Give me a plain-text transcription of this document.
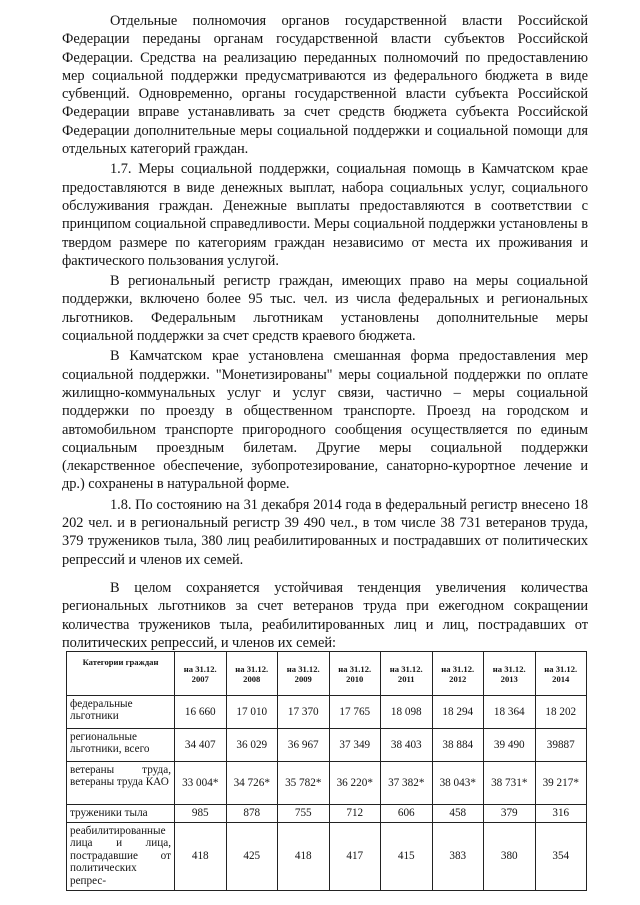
Отдельные полномочия органов государственной власти Российской Федерации переданы органам государственной власти субъектов Российской Федерации. Средства на реализацию переданных полномочий по предоставлению мер социальной поддержки предусматриваются из федерального бюджета в виде субвенций. Одновременно, органы государственной власти субъекта Российской Федерации вправе устанавливать за счет средств бюджета субъекта Российской Федерации дополнительные меры социальной поддержки и социальной помощи для отдельных категорий граждан.

1.7. Меры социальной поддержки, социальная помощь в Камчатском крае предоставляются в виде денежных выплат, набора социальных услуг, социального обслуживания граждан. Денежные выплаты предоставляются в соответствии с принципом социальной справедливости. Меры социальной поддержки установлены в твердом размере по категориям граждан независимо от места их проживания и фактического пользования услугой.

В региональный регистр граждан, имеющих право на меры социальной поддержки, включено более 95 тыс. чел. из числа федеральных и региональных льготников. Федеральным льготникам установлены дополнительные меры социальной поддержки за счет средств краевого бюджета.

В Камчатском крае установлена смешанная форма предоставления мер социальной поддержки. "Монетизированы" меры социальной поддержки по оплате жилищно-коммунальных услуг и услуг связи, частично – меры социальной поддержки по проезду в общественном транспорте. Проезд на городском и автомобильном транспорте пригородного сообщения осуществляется по единым социальным проездным билетам. Другие меры социальной поддержки (лекарственное обеспечение, зубопротезирование, санаторно-курортное лечение и др.) сохранены в натуральной форме.

1.8. По состоянию на 31 декабря 2014 года в федеральный регистр внесено 18 202 чел. и в региональный регистр 39 490 чел., в том числе 38 731 ветеранов труда, 379 тружеников тыла, 380 лиц реабилитированных и пострадавших от политических репрессий и членов их семей.

В целом сохраняется устойчивая тенденция увеличения количества региональных льготников за счет ветеранов труда при ежегодном сокращении количества тружеников тыла, реабилитированных лиц и лиц, пострадавших от политических репрессий, и членов их семей:

Категории граждан	на 31.12. 2007	на 31.12. 2008	на 31.12. 2009	на 31.12. 2010	на 31.12. 2011	на 31.12. 2012	на 31.12. 2013	на 31.12. 2014
федеральные льготники	16 660	17 010	17 370	17 765	18 098	18 294	18 364	18 202
региональные льготники, всего	34 407	36 029	36 967	37 349	38 403	38 884	39 490	39887
ветераны труда, ветераны труда КАО	33 004*	34 726*	35 782*	36 220*	37 382*	38 043*	38 731*	39 217*
труженики тыла	985	878	755	712	606	458	379	316
реабилитированные лица и лица, пострадавшие от политических репрес-	418	425	418	417	415	383	380	354
